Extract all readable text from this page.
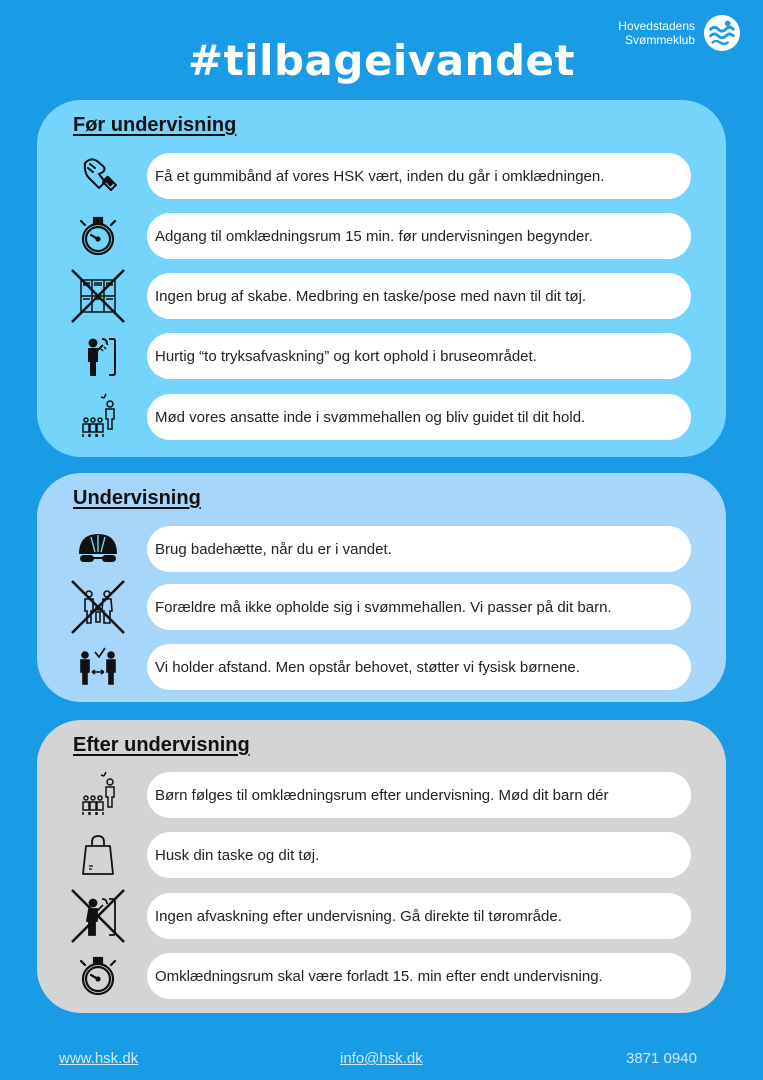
Hovedstadens
Svømmeklub
#tilbageivandet
Før undervisning
Få et gummibånd af vores HSK vært, inden du går i omklædningen.
Adgang til omklædningsrum 15 min. før undervisningen begynder.
Ingen brug af skabe. Medbring en taske/pose med navn til dit tøj.
Hurtig “to tryksafvaskning” og kort ophold i bruseområdet.
Mød vores ansatte inde i svømmehallen og bliv guidet til dit hold.
Undervisning
Brug badehætte, når du er i vandet.
Forældre må ikke opholde sig i svømmehallen. Vi passer på dit barn.
Vi holder afstand. Men opstår behovet, støtter vi fysisk børnene.
Efter undervisning
Børn følges til omklædningsrum efter undervisning. Mød dit barn dér
Husk din taske og dit tøj.
Ingen afvaskning efter undervisning. Gå direkte til tørområde.
Omklædningsrum skal være forladt 15. min efter endt undervisning.
www.hsk.dk	info@hsk.dk	3871 0940
